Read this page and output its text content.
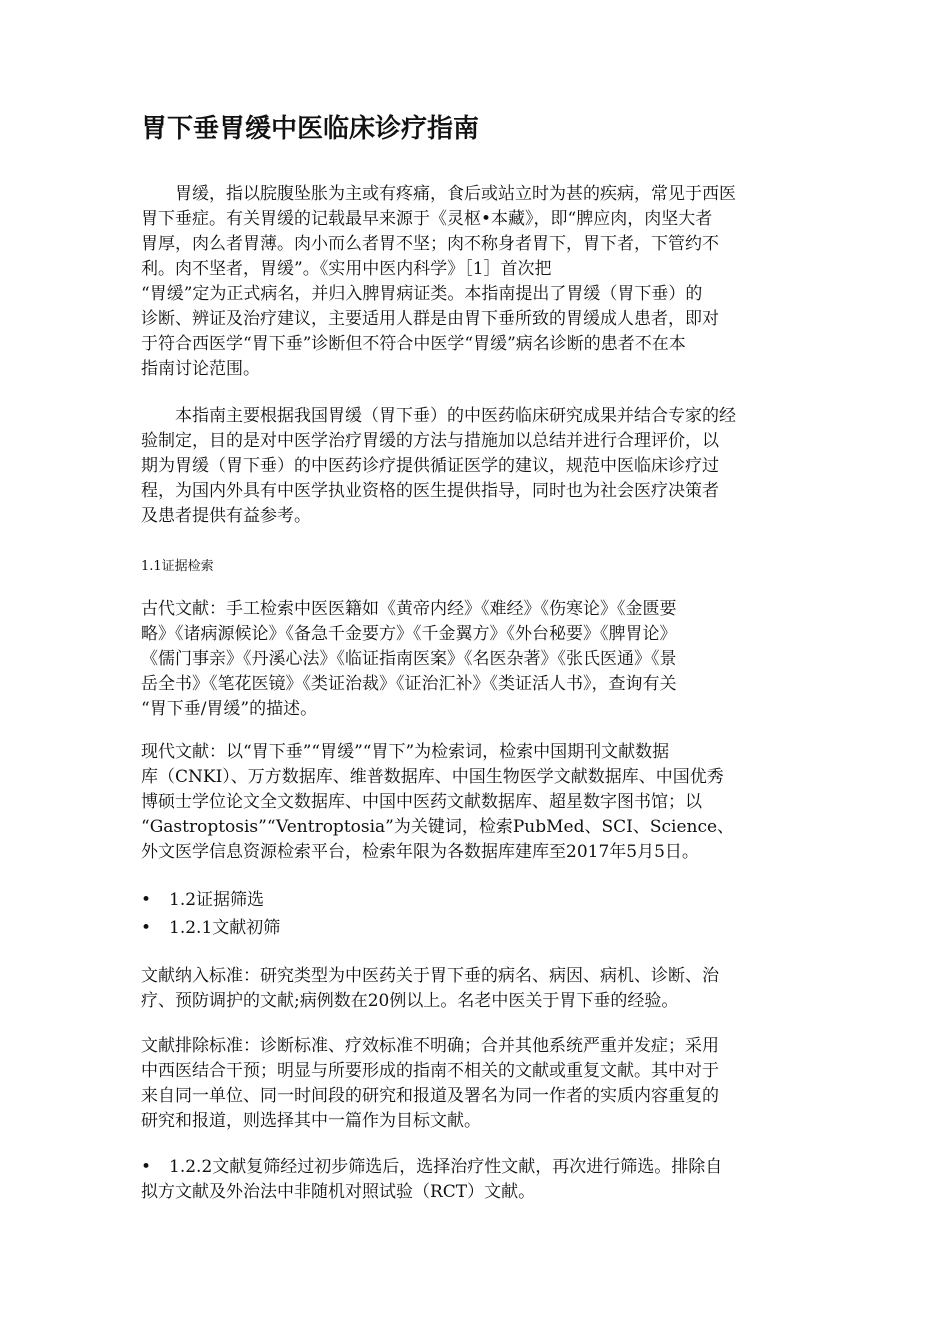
胃下垂胃缓中医临床诊疗指南
胃缓，指以脘腹坠胀为主或有疼痛，食后或站立时为甚的疾病，常见于西医
胃下垂症。有关胃缓的记载最早来源于《灵枢•本藏》，即“脾应肉，肉坚大者
胃厚，肉么者胃薄。肉小而么者胃不坚；肉不称身者胃下，胃下者，下管约不
利。肉不坚者，胃缓”。《实用中医内科学》［1］首次把
“胃缓”定为正式病名，并归入脾胃病证类。本指南提出了胃缓（胃下垂）的
诊断、辨证及治疗建议，主要适用人群是由胃下垂所致的胃缓成人患者，即对
于符合西医学“胃下垂”诊断但不符合中医学“胃缓”病名诊断的患者不在本
指南讨论范围。
本指南主要根据我国胃缓（胃下垂）的中医药临床研究成果并结合专家的经
验制定，目的是对中医学治疗胃缓的方法与措施加以总结并进行合理评价，以
期为胃缓（胃下垂）的中医药诊疗提供循证医学的建议，规范中医临床诊疗过
程，为国内外具有中医学执业资格的医生提供指导，同时也为社会医疗决策者
及患者提供有益参考。

1.1证据检索

古代文献：手工检索中医医籍如《黄帝内经》《难经》《伤寒论》《金匮要
略》《诸病源候论》《备急千金要方》《千金翼方》《外台秘要》《脾胃论》
《儒门事亲》《丹溪心法》《临证指南医案》《名医杂著》《张氏医通》《景
岳全书》《笔花医镜》《类证治裁》《证治汇补》《类证活人书》，查询有关
“胃下垂/胃缓”的描述。
现代文献：以“胃下垂”“胃缓”“胃下”为检索词，检索中国期刊文献数据
库（CNKI）、万方数据库、维普数据库、中国生物医学文献数据库、中国优秀
博硕士学位论文全文数据库、中国中医药文献数据库、超星数字图书馆；以
“Gastroptosis”“Ventroptosia”为关键词，检索PubMed、SCI、Science、
外文医学信息资源检索平台，检索年限为各数据库建库至2017年5月5日。

• 1.2证据筛选

• 1.2.1文献初筛

文献纳入标准：研究类型为中医药关于胃下垂的病名、病因、病机、诊断、治
疗、预防调护的文献;病例数在20例以上。名老中医关于胃下垂的经验。
文献排除标准：诊断标准、疗效标准不明确；合并其他系统严重并发症；采用
中西医结合干预；明显与所要形成的指南不相关的文献或重复文献。其中对于
来自同一单位、同一时间段的研究和报道及署名为同一作者的实质内容重复的
研究和报道，则选择其中一篇作为目标文献。
• 1.2.2文献复筛经过初步筛选后，选择治疗性文献，再次进行筛选。排除自
拟方文献及外治法中非随机对照试验（RCT）文献。
